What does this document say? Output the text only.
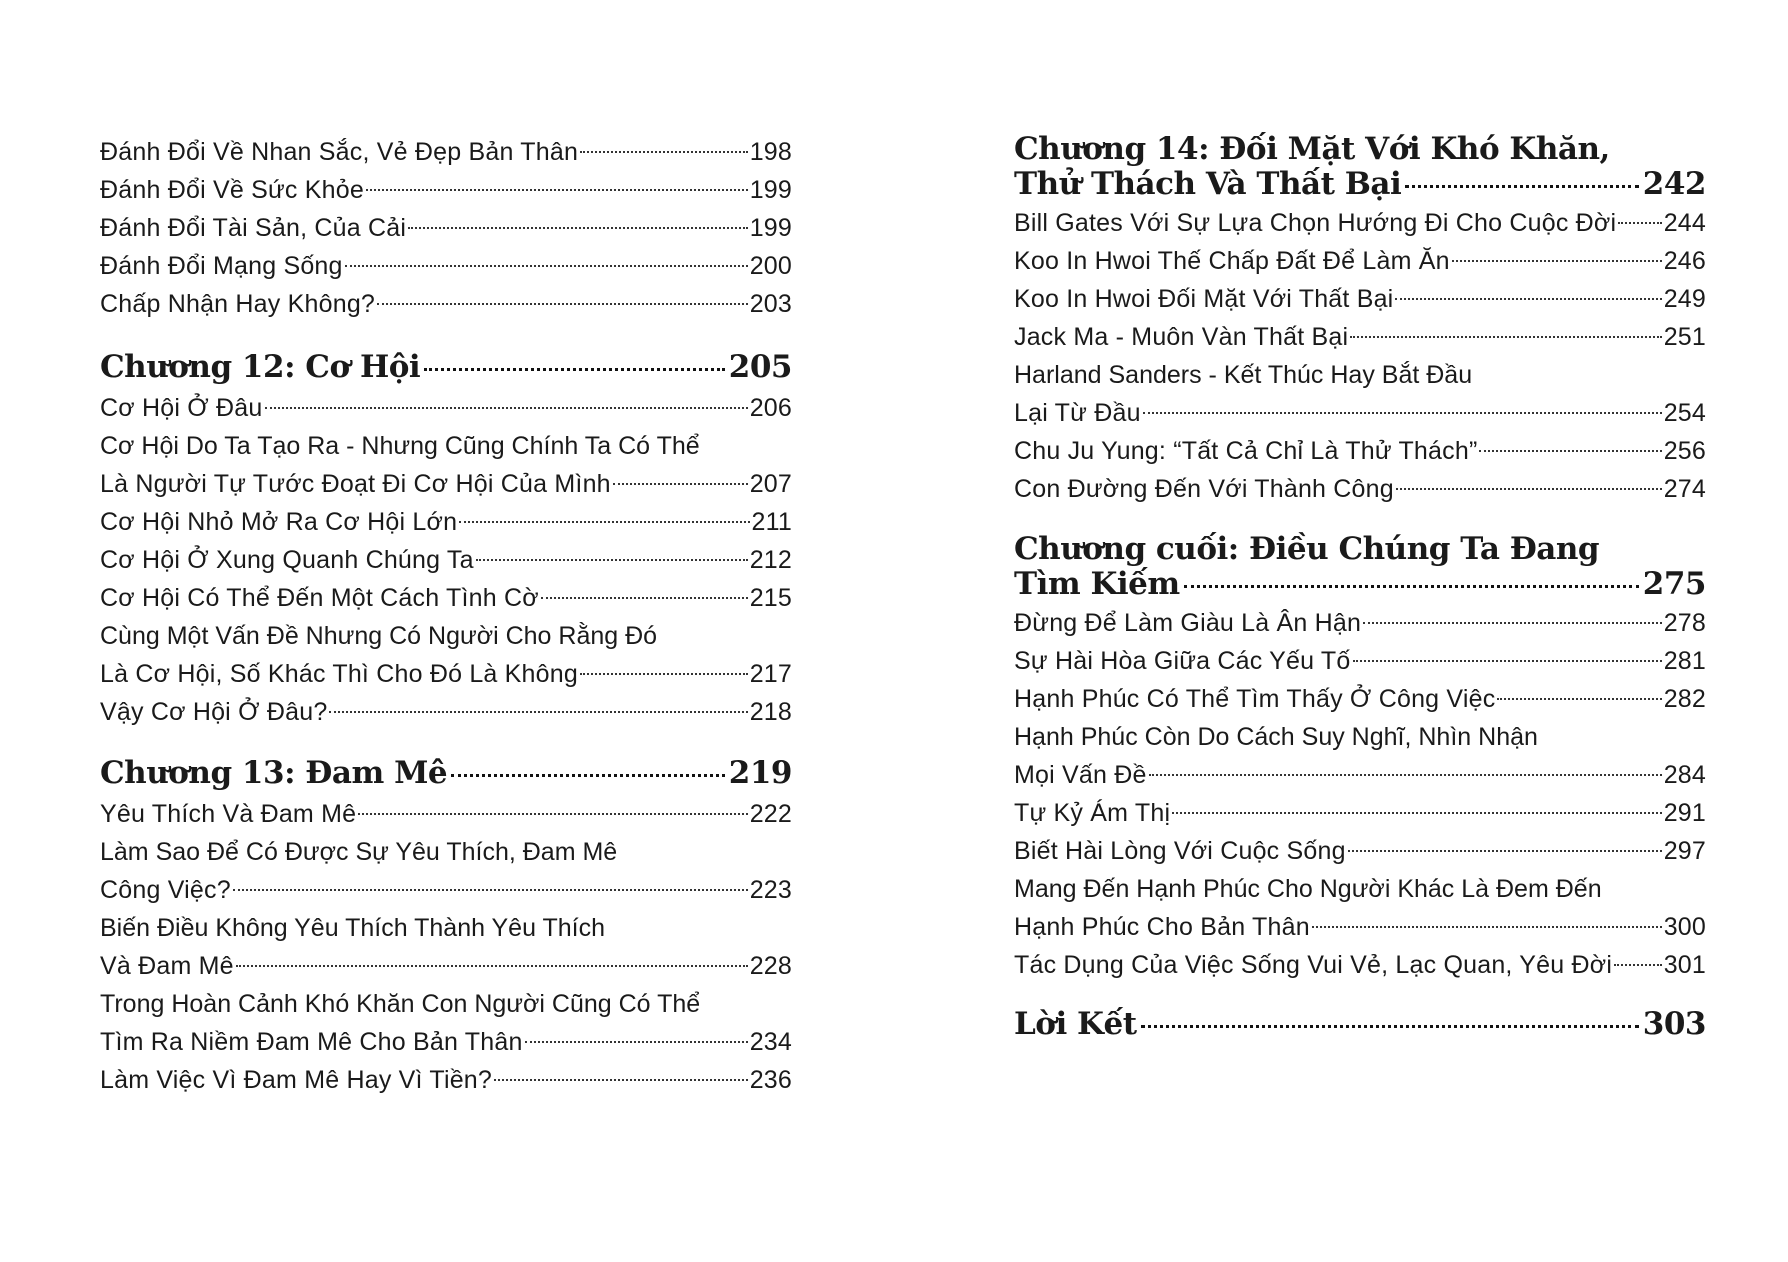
Đánh Đổi Về Nhan Sắc, Vẻ Đẹp Bản Thân	198
Đánh Đổi Về Sức Khỏe	199
Đánh Đổi Tài Sản, Của Cải	199
Đánh Đổi Mạng Sống	200
Chấp Nhận Hay Không?	203
Chương 12: Cơ Hội	205
Cơ Hội Ở Đâu	206
Cơ Hội Do Ta Tạo Ra - Nhưng Cũng Chính Ta Có Thể
Là Người Tự Tước Đoạt Đi Cơ Hội Của Mình	207
Cơ Hội Nhỏ Mở Ra Cơ Hội Lớn	211
Cơ Hội Ở Xung Quanh Chúng Ta	212
Cơ Hội Có Thể Đến Một Cách Tình Cờ	215
Cùng Một Vấn Đề Nhưng Có Người Cho Rằng Đó
Là Cơ Hội, Số Khác Thì Cho Đó Là Không	217
Vậy Cơ Hội Ở Đâu?	218
Chương 13: Đam Mê	219
Yêu Thích Và Đam Mê	222
Làm Sao Để Có Được Sự Yêu Thích, Đam Mê
Công Việc?	223
Biến Điều Không Yêu Thích Thành Yêu Thích
Và Đam Mê	228
Trong Hoàn Cảnh Khó Khăn Con Người Cũng Có Thể
Tìm Ra Niềm Đam Mê Cho Bản Thân	234
Làm Việc Vì Đam Mê Hay Vì Tiền?	236
Chương 14: Đối Mặt Với Khó Khăn,
Thử Thách Và Thất Bại	242
Bill Gates Với Sự Lựa Chọn Hướng Đi Cho Cuộc Đời 244
Koo In Hwoi Thế Chấp Đất Để Làm Ăn	246
Koo In Hwoi Đối Mặt Với Thất Bại	249
Jack Ma - Muôn Vàn Thất Bại	251
Harland Sanders - Kết Thúc Hay Bắt Đầu
Lại Từ Đầu	254
Chu Ju Yung: “Tất Cả Chỉ Là Thử Thách”	256
Con Đường Đến Với Thành Công	274
Chương cuối: Điều Chúng Ta Đang
Tìm Kiếm	275
Đừng Để Làm Giàu Là Ân Hận	278
Sự Hài Hòa Giữa Các Yếu Tố	281
Hạnh Phúc Có Thể Tìm Thấy Ở Công Việc	282
Hạnh Phúc Còn Do Cách Suy Nghĩ, Nhìn Nhận
Mọi Vấn Đề	284
Tự Kỷ Ám Thị	291
Biết Hài Lòng Với Cuộc Sống	297
Mang Đến Hạnh Phúc Cho Người Khác Là Đem Đến
Hạnh Phúc Cho Bản Thân	300
Tác Dụng Của Việc Sống Vui Vẻ, Lạc Quan, Yêu Đời 301
Lời Kết	303
